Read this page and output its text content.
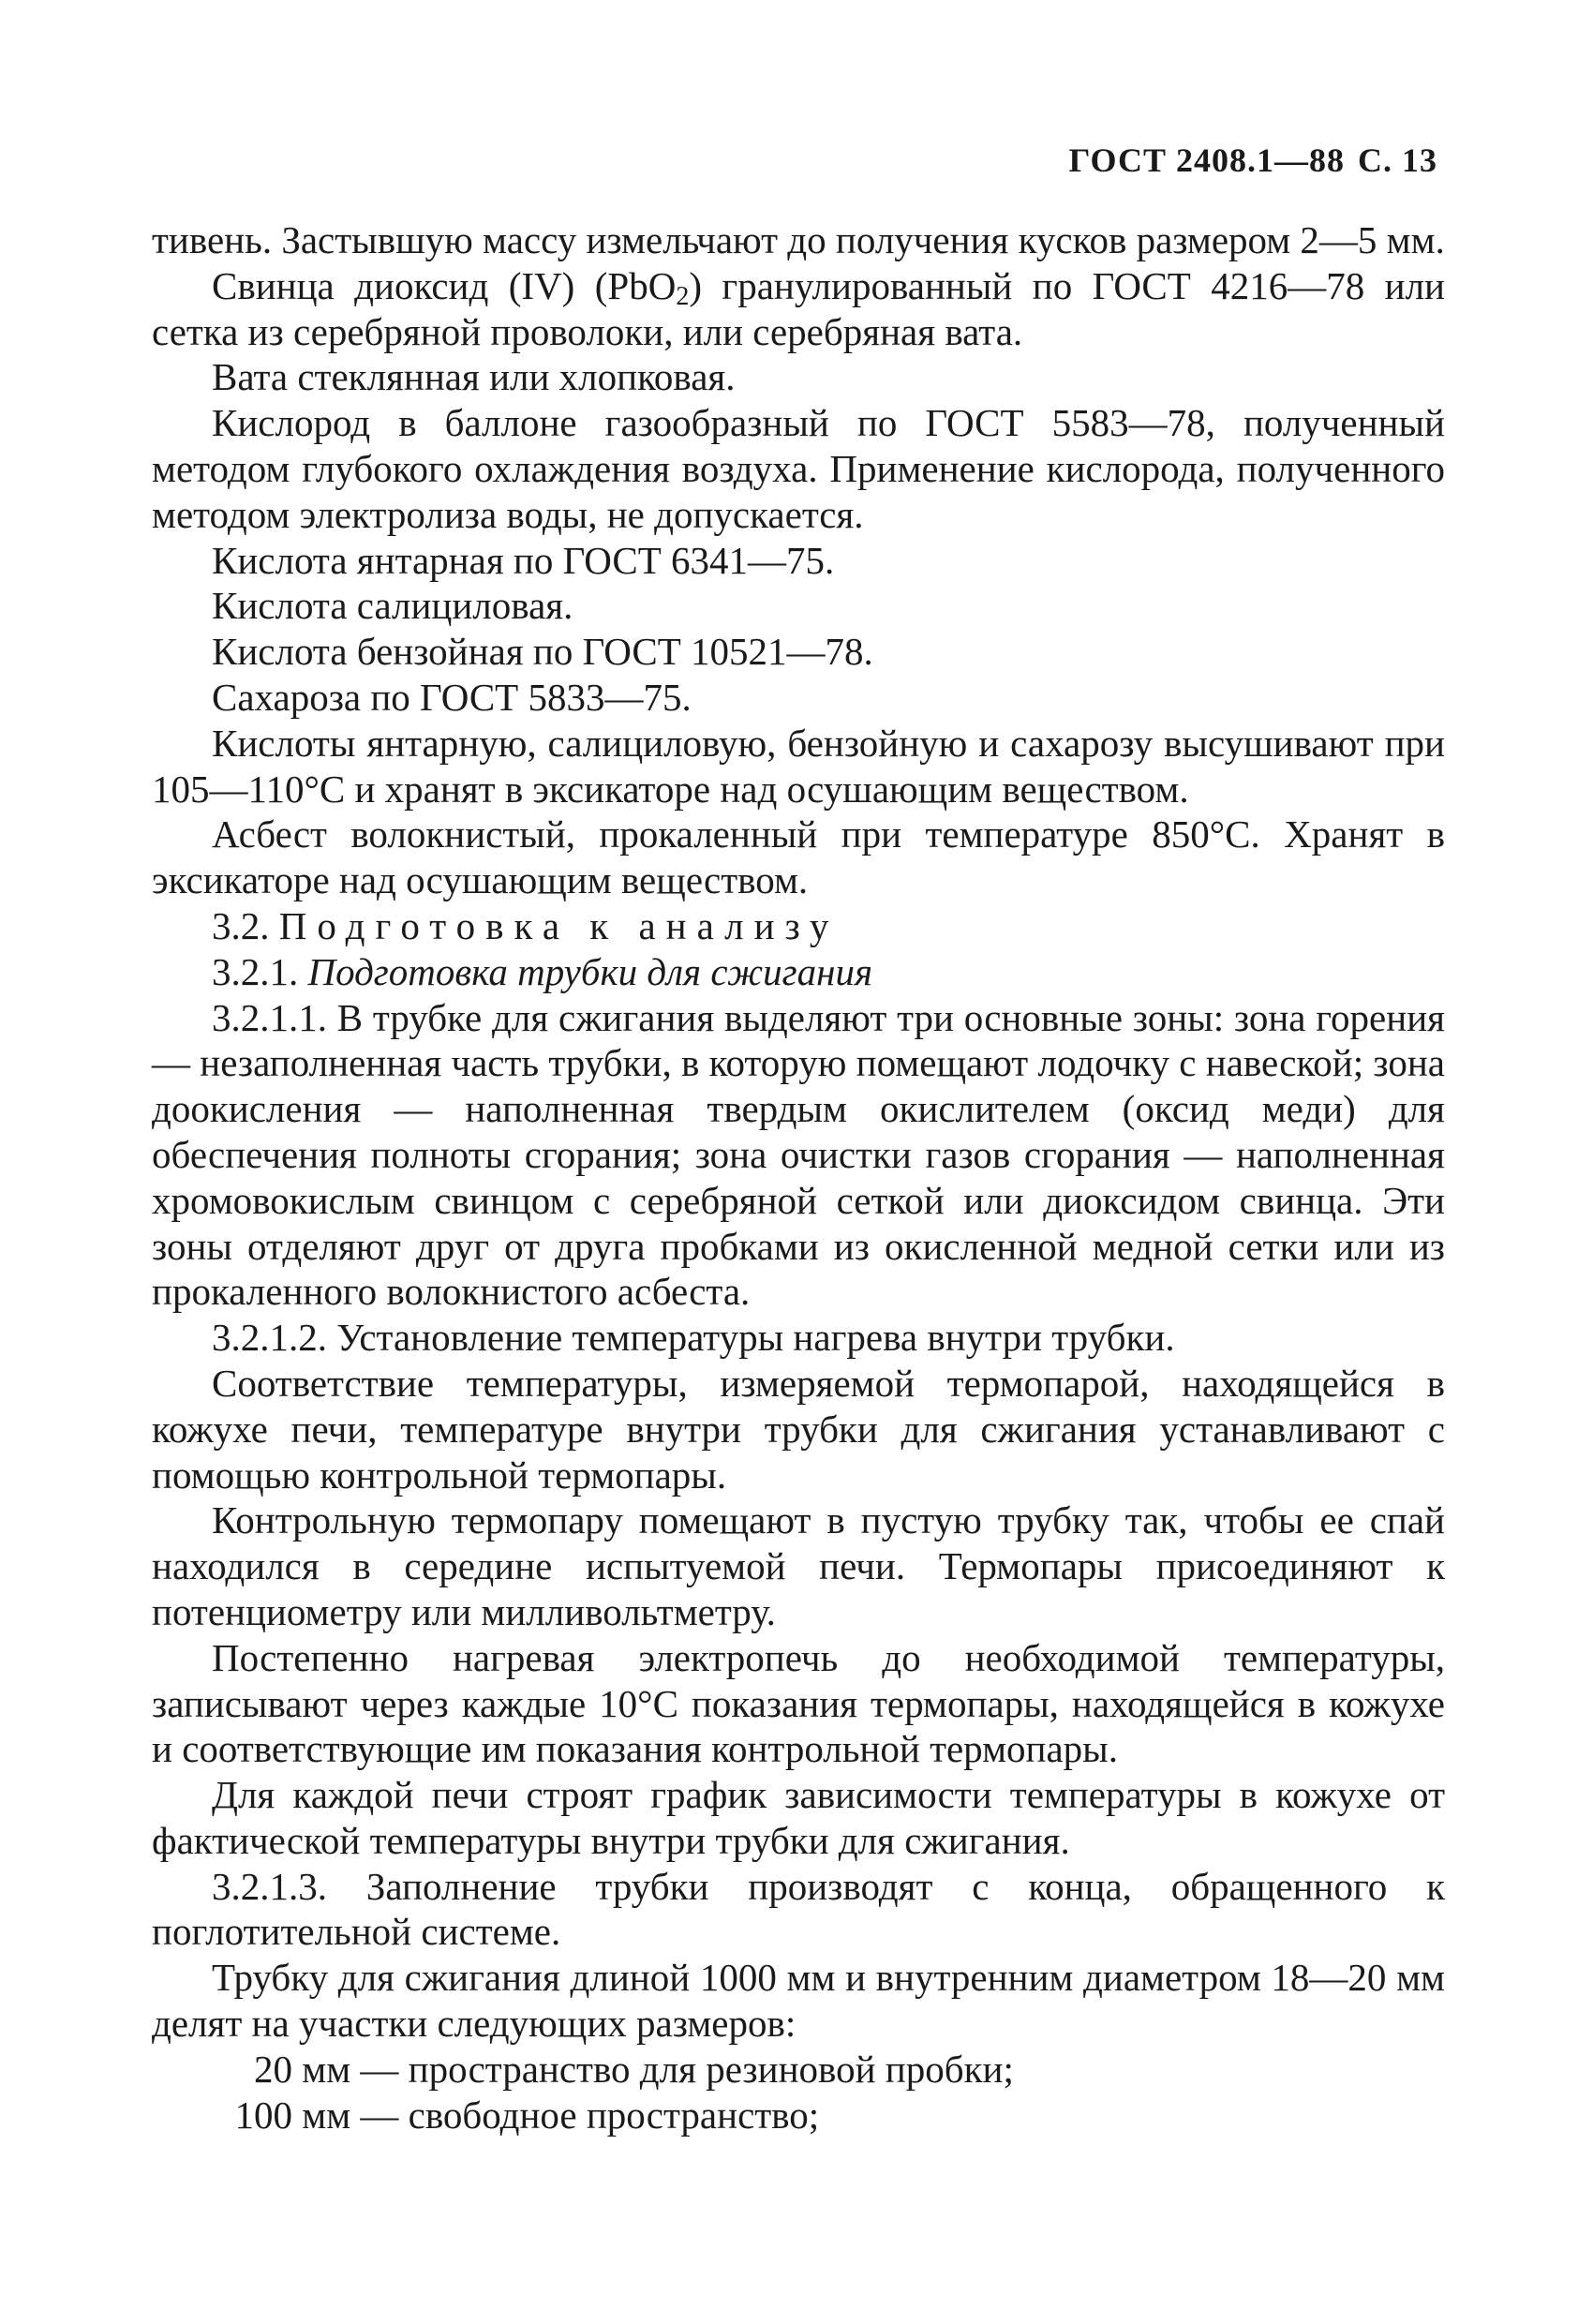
ГОСТ 2408.1—88 С. 13

тивень. Застывшую массу измельчают до получения кусков размером 2—5 мм.

Свинца диоксид (IV) (PbO$_2$) гранулированный по ГОСТ 4216—78 или сетка из серебряной проволоки, или серебряная вата.

Вата стеклянная или хлопковая.

Кислород в баллоне газообразный по ГОСТ 5583—78, полученный методом глубокого охлаждения воздуха. Применение кислорода, полученного методом электролиза воды, не допускается.

Кислота янтарная по ГОСТ 6341—75.

Кислота салициловая.

Кислота бензойная по ГОСТ 10521—78.

Сахароза по ГОСТ 5833—75.

Кислоты янтарную, салициловую, бензойную и сахарозу высушивают при 105—110°С и хранят в эксикаторе над осушающим веществом.

Асбест волокнистый, прокаленный при температуре 850°С. Хранят в эксикаторе над осушающим веществом.

3.2. Подготовка к анализу

3.2.1. Подготовка трубки для сжигания

3.2.1.1. В трубке для сжигания выделяют три основные зоны: зона горения — незаполненная часть трубки, в которую помещают лодочку с навеской; зона доокисления — наполненная твердым окислителем (оксид меди) для обеспечения полноты сгорания; зона очистки газов сгорания — наполненная хромовокислым свинцом с серебряной сеткой или диоксидом свинца. Эти зоны отделяют друг от друга пробками из окисленной медной сетки или из прокаленного волокнистого асбеста.

3.2.1.2. Установление температуры нагрева внутри трубки.

Соответствие температуры, измеряемой термопарой, находящейся в кожухе печи, температуре внутри трубки для сжигания устанавливают с помощью контрольной термопары.

Контрольную термопару помещают в пустую трубку так, чтобы ее спай находился в середине испытуемой печи. Термопары присоединяют к потенциометру или милливольтметру.

Постепенно нагревая электропечь до необходимой температуры, записывают через каждые 10°С показания термопары, находящейся в кожухе и соответствующие им показания контрольной термопары.

Для каждой печи строят график зависимости температуры в кожухе от фактической температуры внутри трубки для сжигания.

3.2.1.3. Заполнение трубки производят с конца, обращенного к поглотительной системе.

Трубку для сжигания длиной 1000 мм и внутренним диаметром 18—20 мм делят на участки следующих размеров:

20 мм — пространство для резиновой пробки;

100 мм — свободное пространство;
